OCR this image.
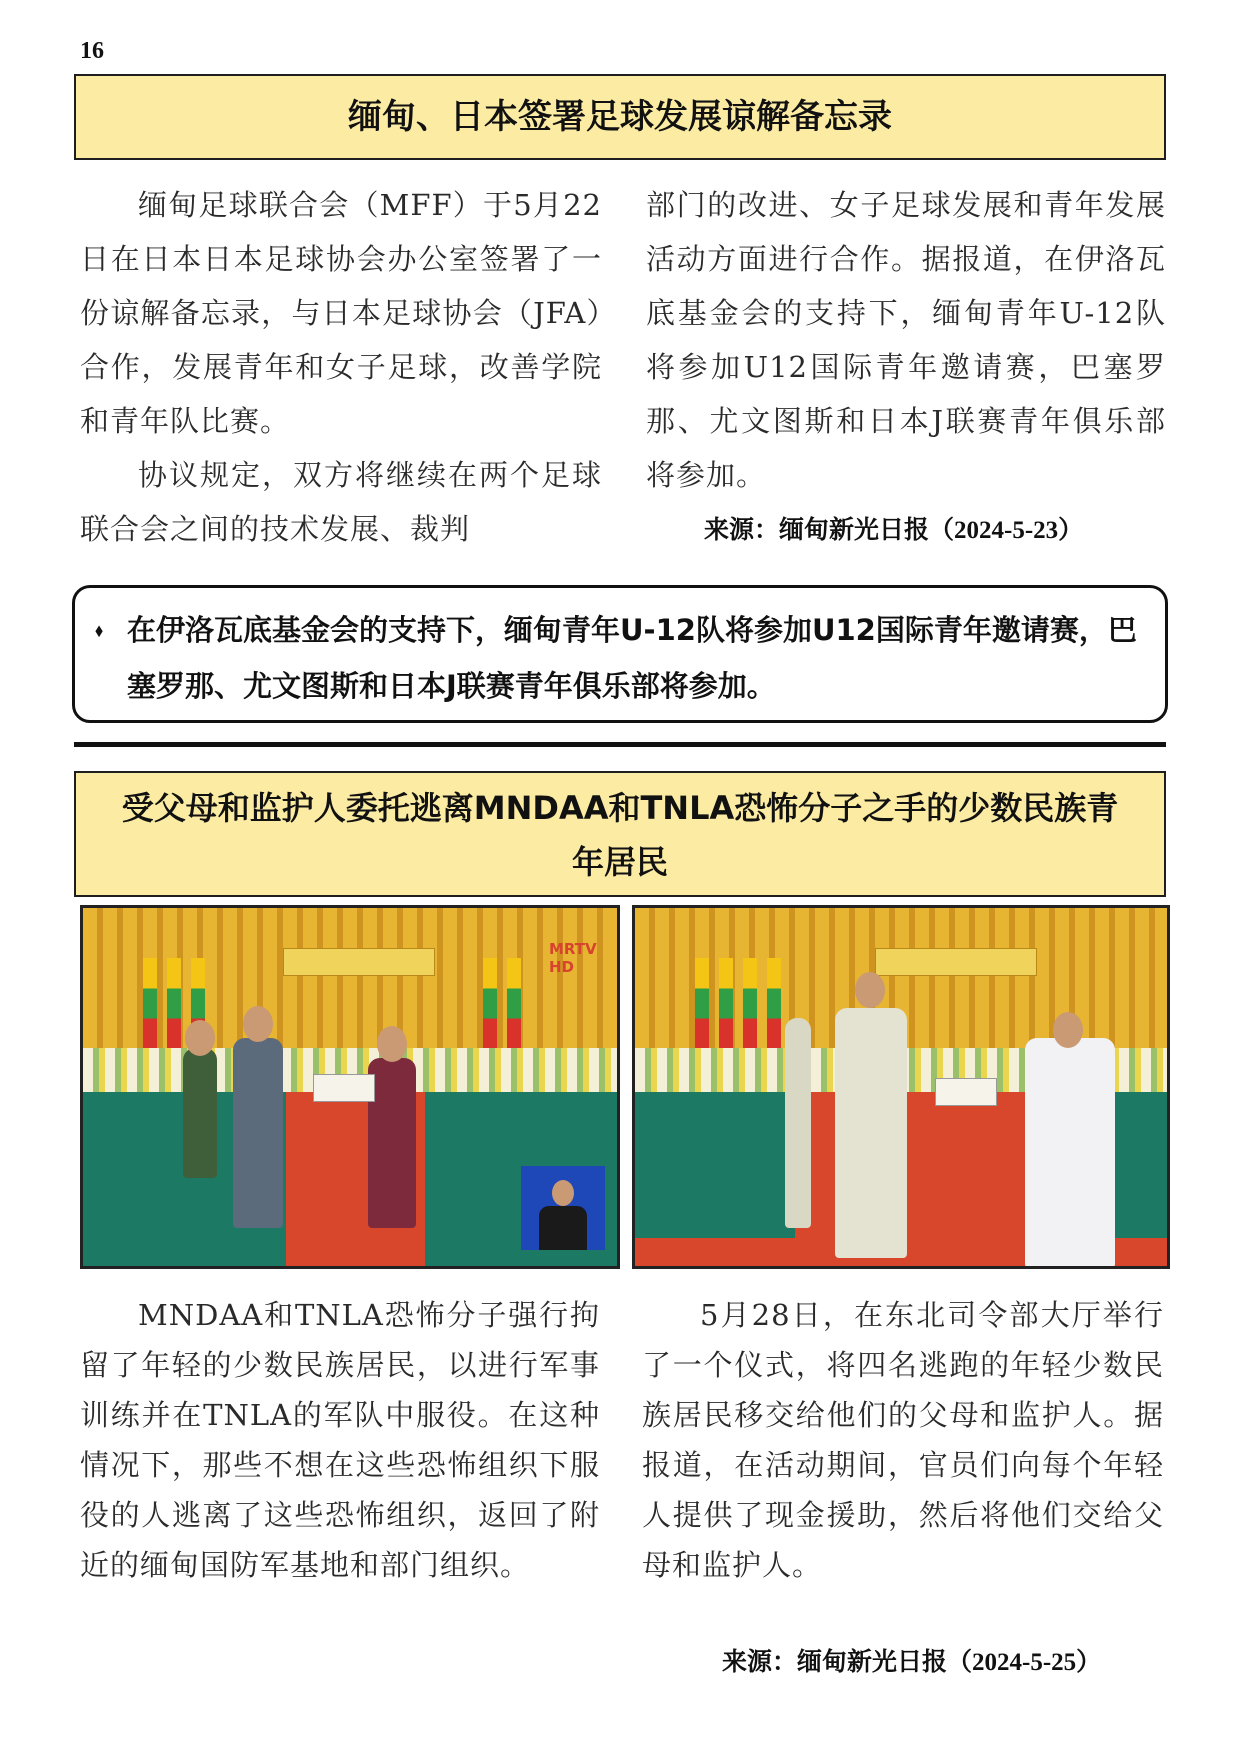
16
缅甸、日本签署足球发展谅解备忘录

缅甸足球联合会（MFF）于5月22日在日本日本足球协会办公室签署了一份谅解备忘录，与日本足球协会（JFA）合作，发展青年和女子足球，改善学院和青年队比赛。

协议规定，双方将继续在两个足球联合会之间的技术发展、裁判

部门的改进、女子足球发展和青年发展活动方面进行合作。据报道，在伊洛瓦底基金会的支持下，缅甸青年U-12队将参加U12国际青年邀请赛，巴塞罗那、尤文图斯和日本J联赛青年俱乐部将参加。

来源：缅甸新光日报（2024-5-23）
⬧ 在伊洛瓦底基金会的支持下，缅甸青年U-12队将参加U12国际青年邀请赛，巴塞罗那、尤文图斯和日本J联赛青年俱乐部将参加。
受父母和监护人委托逃离MNDAA和TNLA恐怖分子之手的少数民族青
年居民
MRTV HD

MNDAA和TNLA恐怖分子强行拘留了年轻的少数民族居民，以进行军事训练并在TNLA的军队中服役。在这种情况下，那些不想在这些恐怖组织下服役的人逃离了这些恐怖组织，返回了附近的缅甸国防军基地和部门组织。

5月28日，在东北司令部大厅举行了一个仪式，将四名逃跑的年轻少数民族居民移交给他们的父母和监护人。据报道，在活动期间，官员们向每个年轻人提供了现金援助，然后将他们交给父母和监护人。

来源：缅甸新光日报（2024-5-25）
